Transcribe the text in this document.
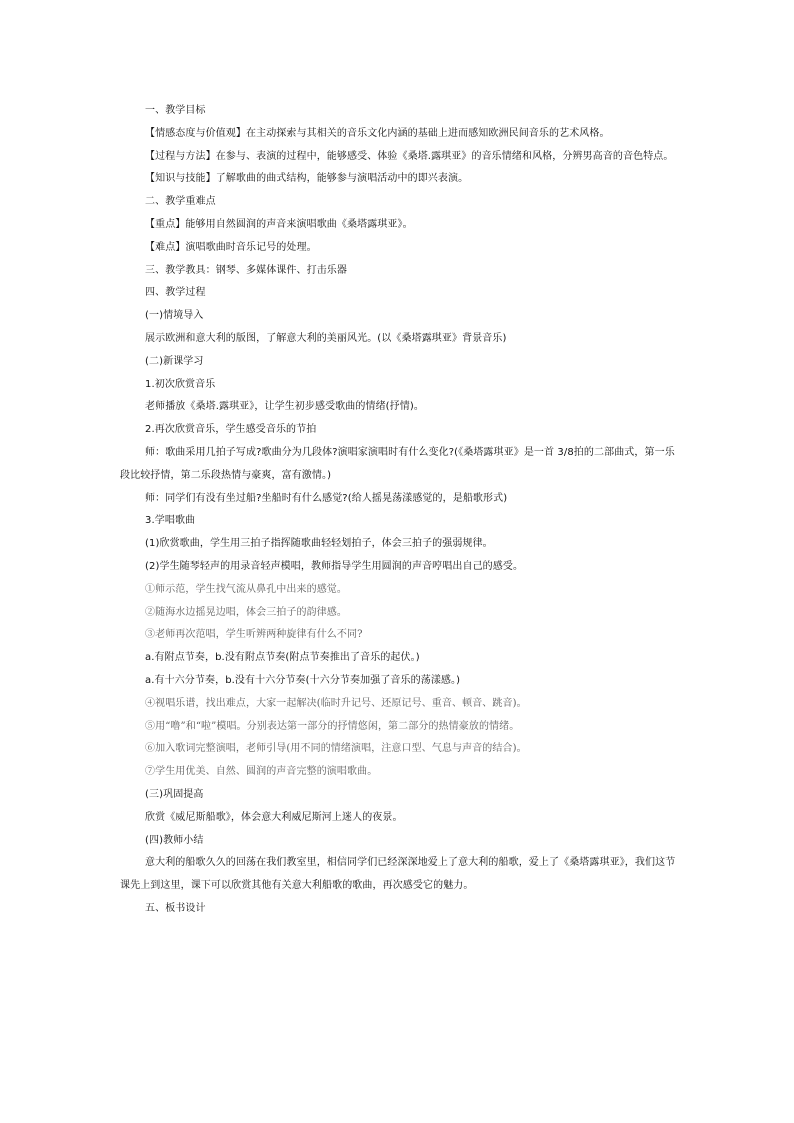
一、教学目标
【情感态度与价值观】在主动探索与其相关的音乐文化内涵的基础上进而感知欧洲民间音乐的艺术风格。
【过程与方法】在参与、表演的过程中，能够感受、体验《桑塔.露琪亚》的音乐情绪和风格，分辨男高音的音色特点。
【知识与技能】了解歌曲的曲式结构，能够参与演唱活动中的即兴表演。
二、教学重难点
【重点】能够用自然圆润的声音来演唱歌曲《桑塔露琪亚》。
【难点】演唱歌曲时音乐记号的处理。
三、教学教具：钢琴、多媒体课件、打击乐器
四、教学过程
(一)情境导入
展示欧洲和意大利的版图，了解意大利的美丽风光。(以《桑塔露琪亚》背景音乐)
(二)新课学习
1.初次欣赏音乐
老师播放《桑塔.露琪亚》，让学生初步感受歌曲的情绪(抒情)。
2.再次欣赏音乐，学生感受音乐的节拍
师：歌曲采用几拍子写成?歌曲分为几段体?演唱家演唱时有什么变化?(《桑塔露琪亚》是一首 3/8拍的二部曲式，第一乐段比较抒情，第二乐段热情与豪爽，富有激情。)
师：同学们有没有坐过船?坐船时有什么感觉?(给人摇晃荡漾感觉的，是船歌形式)
3.学唱歌曲
(1)欣赏歌曲，学生用三拍子指挥随歌曲轻轻划拍子，体会三拍子的强弱规律。
(2)学生随琴轻声的用录音轻声模唱，教师指导学生用圆润的声音哼唱出自己的感受。
①师示范，学生找气流从鼻孔中出来的感觉。
②随海水边摇晃边唱，体会三拍子的韵律感。
③老师再次范唱，学生听辨两种旋律有什么不同?
a.有附点节奏，b.没有附点节奏(附点节奏推出了音乐的起伏。)
a.有十六分节奏，b.没有十六分节奏(十六分节奏加强了音乐的荡漾感。)
④视唱乐谱，找出难点，大家一起解决(临时升记号、还原记号、重音、顿音、跳音)。
⑤用“噜”和“啦”模唱。分别表达第一部分的抒情悠闲，第二部分的热情豪放的情绪。
⑥加入歌词完整演唱，老师引导(用不同的情绪演唱，注意口型、气息与声音的结合)。
⑦学生用优美、自然、圆润的声音完整的演唱歌曲。
(三)巩固提高
欣赏《威尼斯船歌》，体会意大利威尼斯河上迷人的夜景。
(四)教师小结
意大利的船歌久久的回荡在我们教室里，相信同学们已经深深地爱上了意大利的船歌，爱上了《桑塔露琪亚》，我们这节课先上到这里，课下可以欣赏其他有关意大利船歌的歌曲，再次感受它的魅力。
五、板书设计
